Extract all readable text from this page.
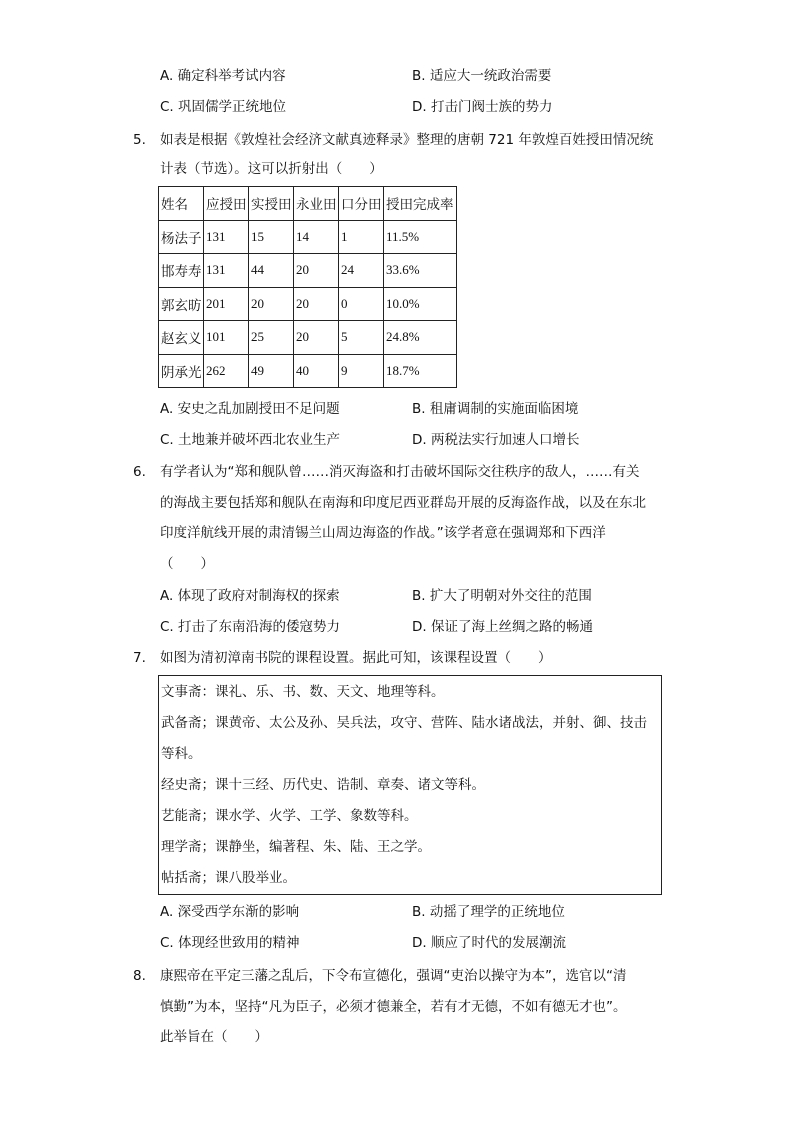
A. 确定科举考试内容	B. 适应大一统政治需要
C. 巩固儒学正统地位	D. 打击门阀士族的势力
5. 如表是根据《敦煌社会经济文献真迹释录》整理的唐朝 721 年敦煌百姓授田情况统
计表（节选）。这可以折射出（　　）
姓名	应授田	实授田	永业田	口分田	授田完成率
杨法子	131	15	14	1	11.5%
邯寿寿	131	44	20	24	33.6%
郭玄昉	201	20	20	0	10.0%
赵玄义	101	25	20	5	24.8%
阴承光	262	49	40	9	18.7%
A. 安史之乱加剧授田不足问题	B. 租庸调制的实施面临困境
C. 土地兼并破坏西北农业生产	D. 两税法实行加速人口增长
6. 有学者认为“郑和舰队曾……消灭海盗和打击破坏国际交往秩序的敌人，……有关
的海战主要包括郑和舰队在南海和印度尼西亚群岛开展的反海盗作战，以及在东北
印度洋航线开展的肃清锡兰山周边海盗的作战。”该学者意在强调郑和下西洋
（　　）
A. 体现了政府对制海权的探索	B. 扩大了明朝对外交往的范围
C. 打击了东南沿海的倭寇势力	D. 保证了海上丝绸之路的畅通
7. 如图为清初漳南书院的课程设置。据此可知，该课程设置（　　）
文事斋：课礼、乐、书、数、天文、地理等科。
武备斋；课黄帝、太公及孙、吴兵法，攻守、营阵、陆水诸战法，并射、御、技击
等科。
经史斋；课十三经、历代史、诰制、章奏、诸文等科。
艺能斋；课水学、火学、工学、象数等科。
理学斋；课静坐，编著程、朱、陆、王之学。
帖括斋；课八股举业。
A. 深受西学东渐的影响	B. 动摇了理学的正统地位
C. 体现经世致用的精神	D. 顺应了时代的发展潮流
8. 康熙帝在平定三藩之乱后，下令布宣德化，强调“吏治以操守为本”，选官以“清
慎勤”为本，坚持“凡为臣子，必须才德兼全，若有才无德，不如有德无才也”。
此举旨在（　　）
